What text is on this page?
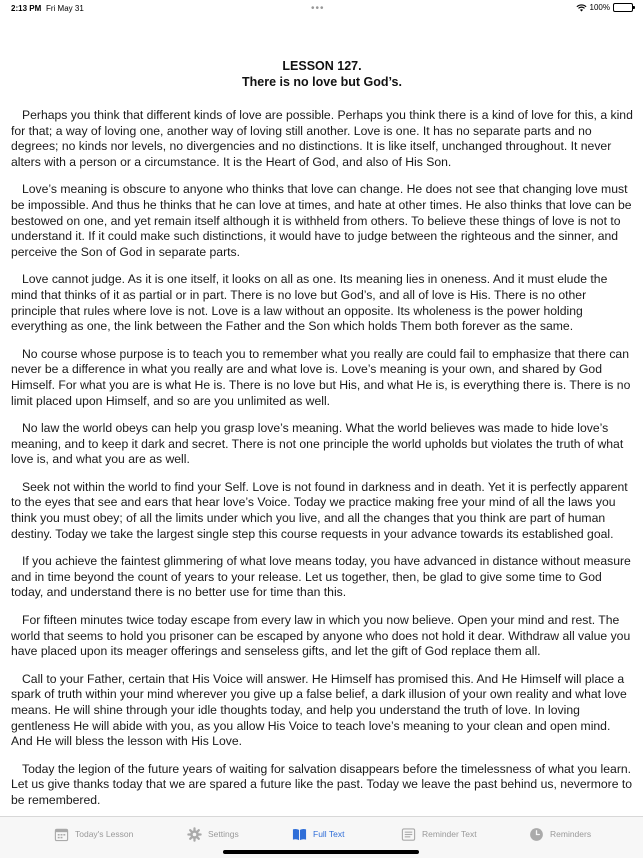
2:13 PM Fri May 31	•••	100%
LESSON 127.
There is no love but God’s.

Perhaps you think that different kinds of love are possible. Perhaps you think there is a kind of love for this, a kind for that; a way of loving one, another way of loving still another. Love is one. It has no separate parts and no degrees; no kinds nor levels, no divergencies and no distinctions. It is like itself, unchanged throughout. It never alters with a person or a circumstance. It is the Heart of God, and also of His Son.

Love’s meaning is obscure to anyone who thinks that love can change. He does not see that changing love must be impossible. And thus he thinks that he can love at times, and hate at other times. He also thinks that love can be bestowed on one, and yet remain itself although it is withheld from others. To believe these things of love is not to understand it. If it could make such distinctions, it would have to judge between the righteous and the sinner, and perceive the Son of God in separate parts.

Love cannot judge. As it is one itself, it looks on all as one. Its meaning lies in oneness. And it must elude the mind that thinks of it as partial or in part. There is no love but God’s, and all of love is His. There is no other principle that rules where love is not. Love is a law without an opposite. Its wholeness is the power holding everything as one, the link between the Father and the Son which holds Them both forever as the same.

No course whose purpose is to teach you to remember what you really are could fail to emphasize that there can never be a difference in what you really are and what love is. Love’s meaning is your own, and shared by God Himself. For what you are is what He is. There is no love but His, and what He is, is everything there is. There is no limit placed upon Himself, and so are you unlimited as well.

No law the world obeys can help you grasp love’s meaning. What the world believes was made to hide love’s meaning, and to keep it dark and secret. There is not one principle the world upholds but violates the truth of what love is, and what you are as well.

Seek not within the world to find your Self. Love is not found in darkness and in death. Yet it is perfectly apparent to the eyes that see and ears that hear love’s Voice. Today we practice making free your mind of all the laws you think you must obey; of all the limits under which you live, and all the changes that you think are part of human destiny. Today we take the largest single step this course requests in your advance towards its established goal.

If you achieve the faintest glimmering of what love means today, you have advanced in distance without measure and in time beyond the count of years to your release. Let us together, then, be glad to give some time to God today, and understand there is no better use for time than this.

For fifteen minutes twice today escape from every law in which you now believe. Open your mind and rest. The world that seems to hold you prisoner can be escaped by anyone who does not hold it dear. Withdraw all value you have placed upon its meager offerings and senseless gifts, and let the gift of God replace them all.

Call to your Father, certain that His Voice will answer. He Himself has promised this. And He Himself will place a spark of truth within your mind wherever you give up a false belief, a dark illusion of your own reality and what love means. He will shine through your idle thoughts today, and help you understand the truth of love. In loving gentleness He will abide with you, as you allow His Voice to teach love’s meaning to your clean and open mind. And He will bless the lesson with His Love.

Today the legion of the future years of waiting for salvation disappears before the timelessness of what you learn. Let us give thanks today that we are spared a future like the past. Today we leave the past behind us, nevermore to be remembered.

Today's Lesson	Settings	Full Text	Reminder Text	Reminders
